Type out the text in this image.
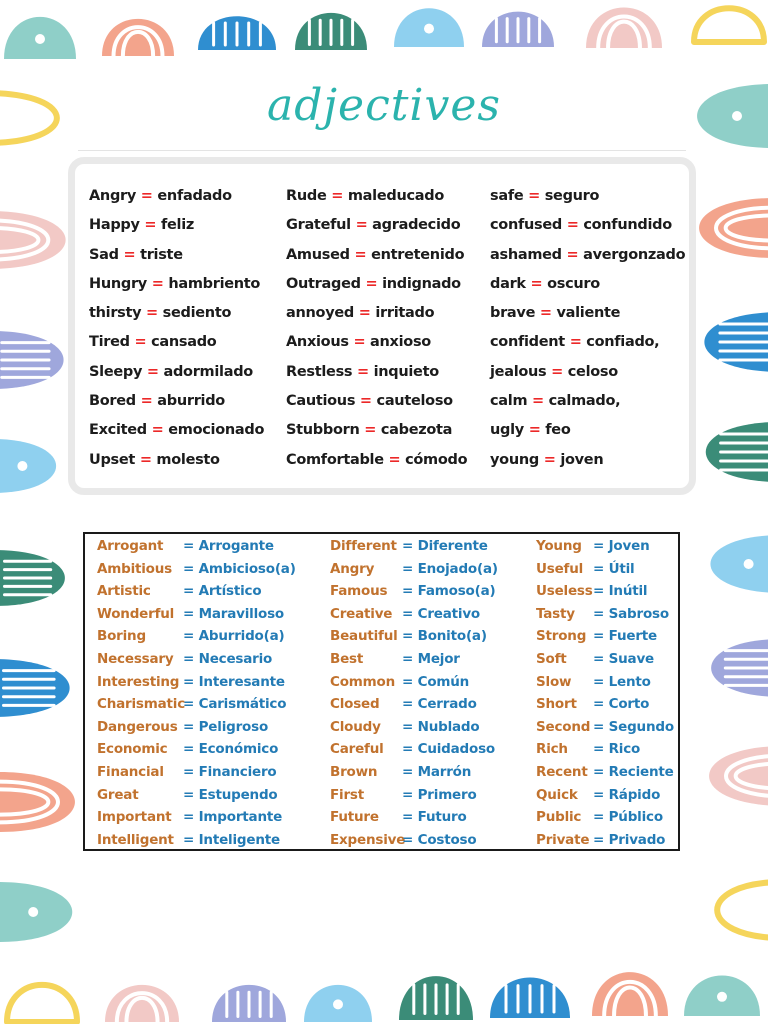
adjectives
Angry = enfadado
Happy = feliz
Sad = triste
Hungry = hambriento
thirsty = sediento
Tired = cansado
Sleepy = adormilado
Bored = aburrido
Excited = emocionado
Upset = molesto
Rude = maleducado
Grateful = agradecido
Amused = entretenido
Outraged = indignado
annoyed = irritado
Anxious = anxioso
Restless = inquieto
Cautious = cauteloso
Stubborn = cabezota
Comfortable = cómodo
safe = seguro
confused = confundido
ashamed = avergonzado
dark = oscuro
brave = valiente
confident = confiado,
jealous = celoso
calm = calmado,
ugly = feo
young = joven
Arrogant = Arrogante
Ambitious = Ambicioso(a)
Artistic = Artístico
Wonderful = Maravilloso
Boring	= Aburrido(a)
Necessary = Necesario
Interesting = Interesante
Charismatic
= Carismático
Dangerous = Peligroso
Economic = Económico
Financial = Financiero
Great	= Estupendo
Important = Importante
Intelligent = Inteligente
Different = Diferente
Angry = Enojado(a)
Famous = Famoso(a)
Creative = Creativo
Beautiful = Bonito(a)
Best	= Mejor
Common = Común
Closed = Cerrado
Cloudy = Nublado
Careful = Cuidadoso
Brown = Marrón
First	= Primero
Future = Futuro
Expensive
= Costoso
Young = Joven
Useful = Útil
Useless = Inútil
Tasty = Sabroso
Strong = Fuerte
Soft = Suave
Slow = Lento
Short = Corto
Second = Segundo
Rich = Rico
Recent = Reciente
Quick = Rápido
Public = Público
Private = Privado
